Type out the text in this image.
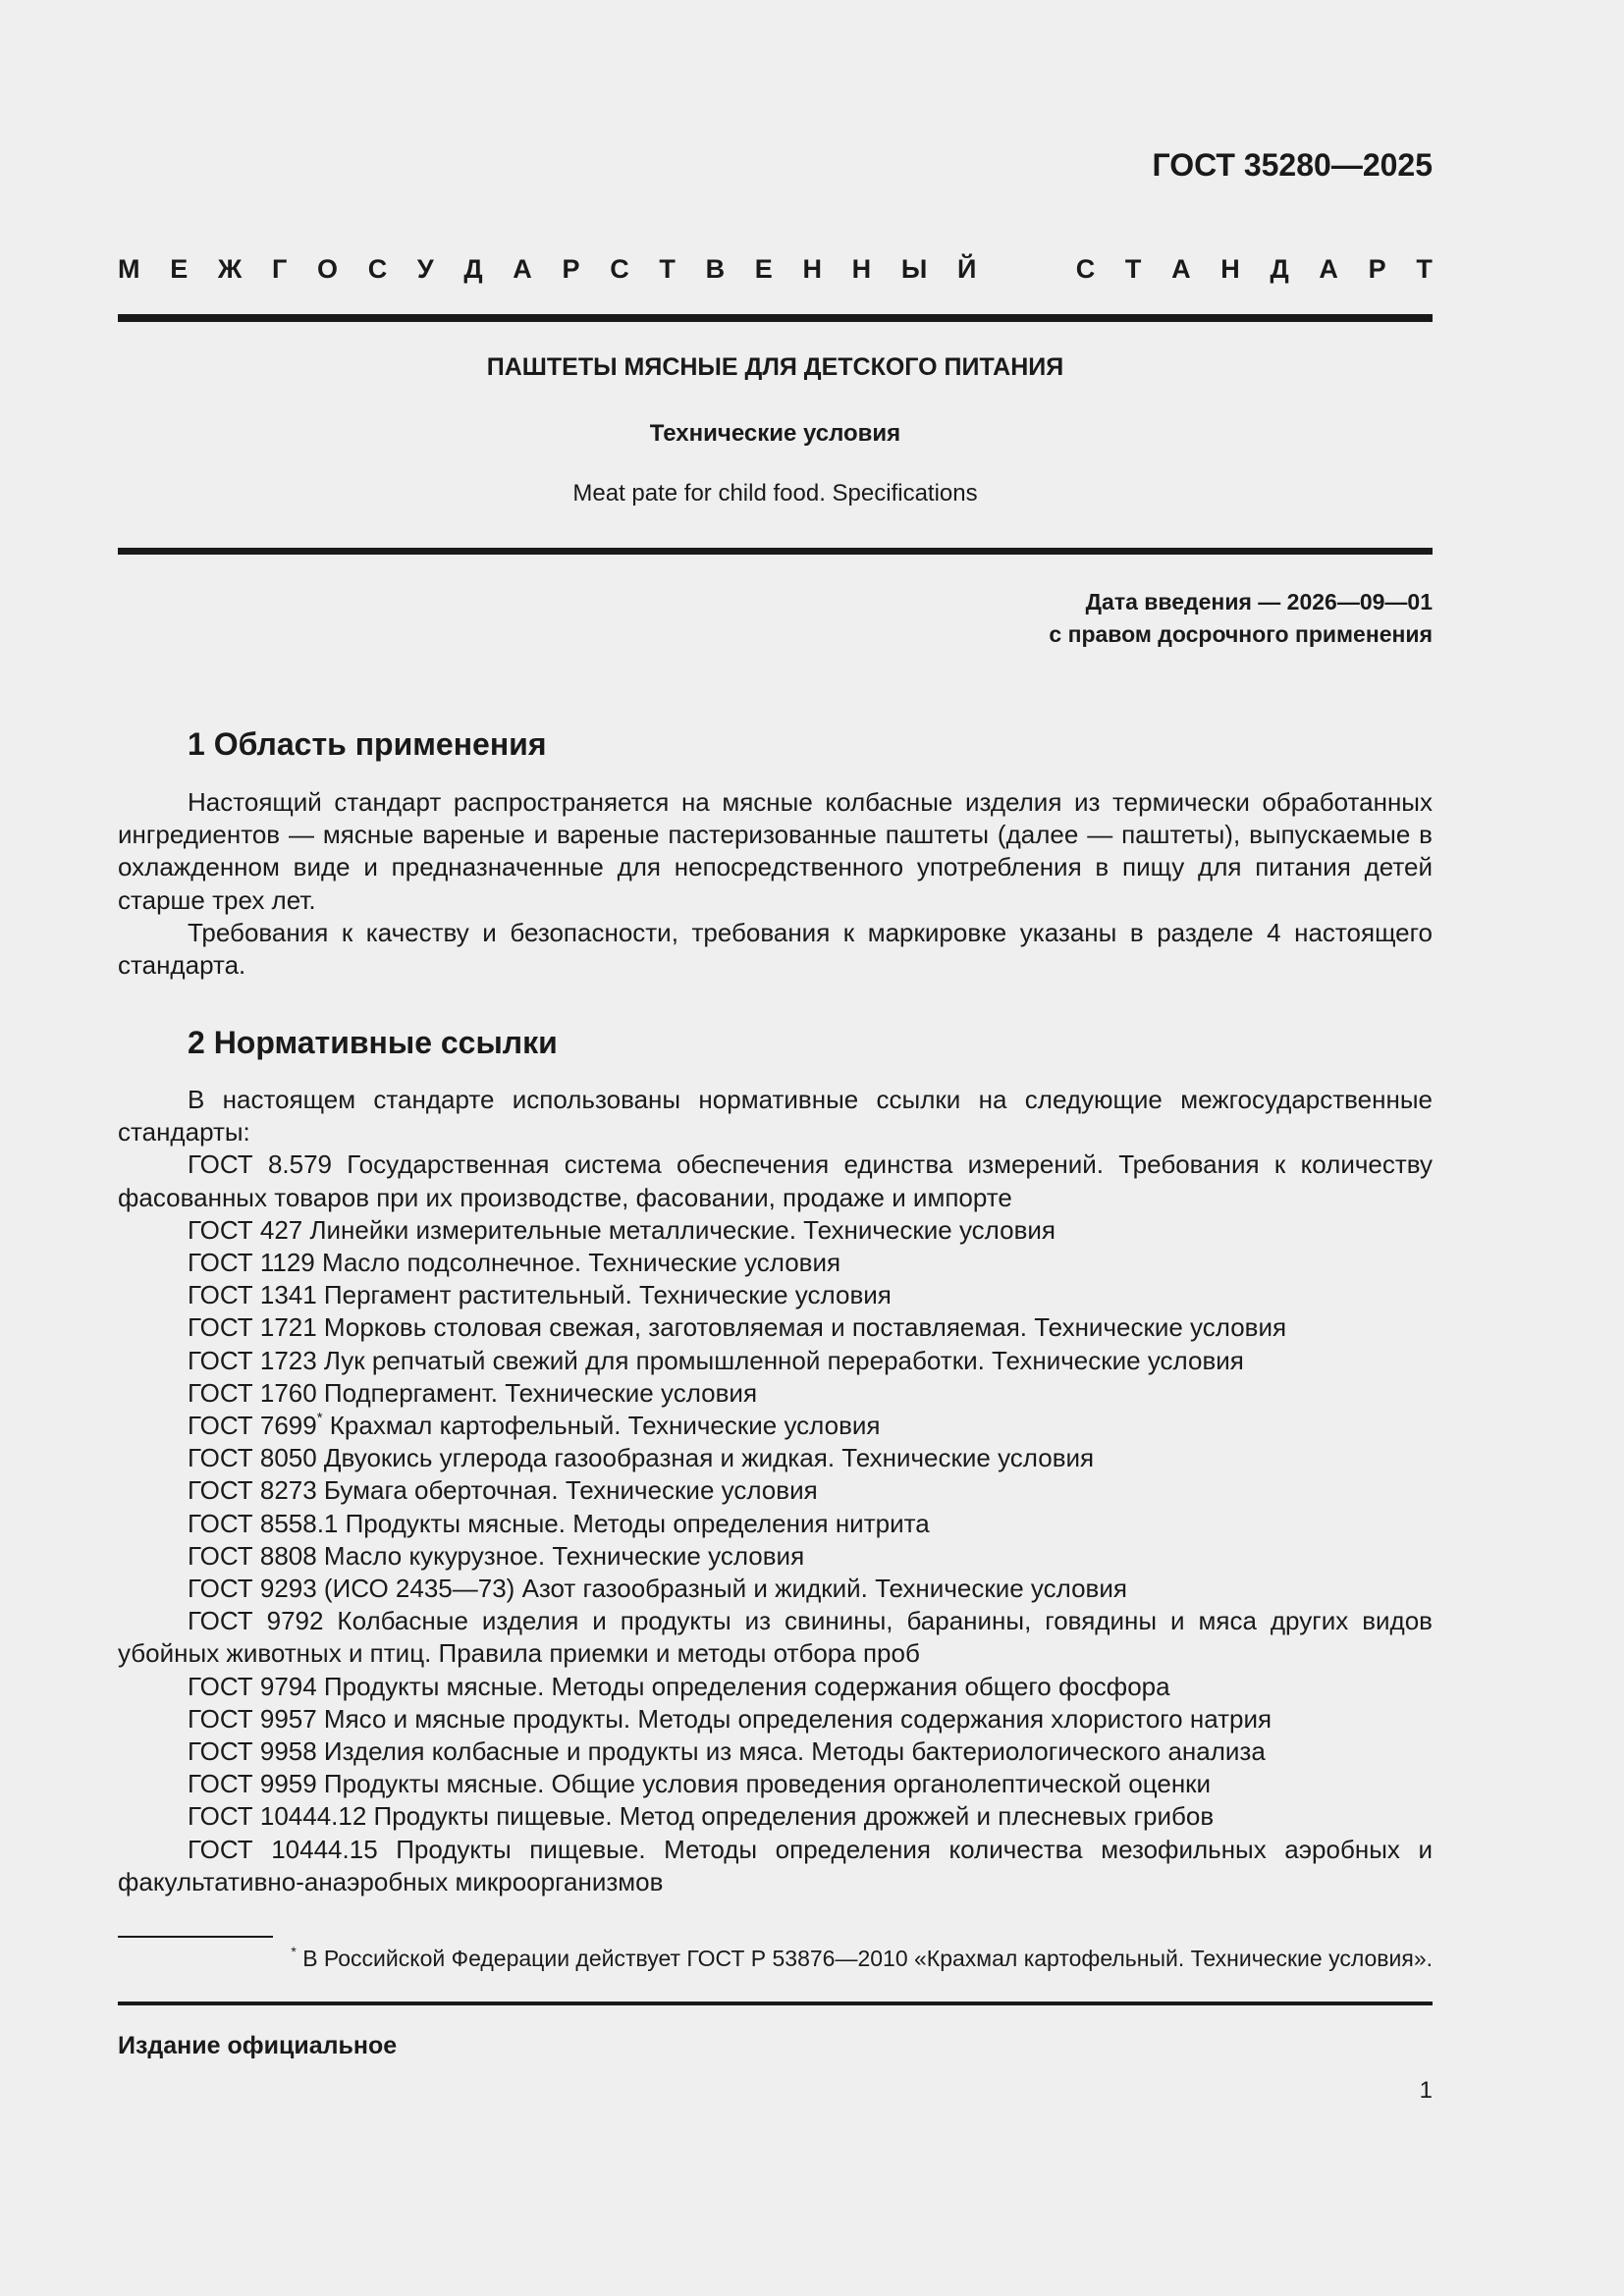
ГОСТ 35280—2025
М Е Ж Г О С У Д А Р С Т В Е Н Н Ы Й	С Т А Н Д А Р Т
ПАШТЕТЫ МЯСНЫЕ ДЛЯ ДЕТСКОГО ПИТАНИЯ
Технические условия
Meat pate for child food. Specifications
Дата введения — 2026—09—01
с правом досрочного применения
1 Область применения

Настоящий стандарт распространяется на мясные колбасные изделия из термически обработанных ингредиентов — мясные вареные и вареные пастеризованные паштеты (далее — паштеты), выпускаемые в охлажденном виде и предназначенные для непосредственного употребления в пищу для питания детей старше трех лет.

Требования к качеству и безопасности, требования к маркировке указаны в разделе 4 настоящего стандарта.

2 Нормативные ссылки

В настоящем стандарте использованы нормативные ссылки на следующие межгосударственные стандарты:

ГОСТ 8.579 Государственная система обеспечения единства измерений. Требования к количеству фасованных товаров при их производстве, фасовании, продаже и импорте
ГОСТ 427 Линейки измерительные металлические. Технические условия
ГОСТ 1129 Масло подсолнечное. Технические условия
ГОСТ 1341 Пергамент растительный. Технические условия
ГОСТ 1721 Морковь столовая свежая, заготовляемая и поставляемая. Технические условия
ГОСТ 1723 Лук репчатый свежий для промышленной переработки. Технические условия
ГОСТ 1760 Подпергамент. Технические условия
ГОСТ 7699* Крахмал картофельный. Технические условия
ГОСТ 8050 Двуокись углерода газообразная и жидкая. Технические условия
ГОСТ 8273 Бумага оберточная. Технические условия
ГОСТ 8558.1 Продукты мясные. Методы определения нитрита
ГОСТ 8808 Масло кукурузное. Технические условия
ГОСТ 9293 (ИСО 2435—73) Азот газообразный и жидкий. Технические условия
ГОСТ 9792 Колбасные изделия и продукты из свинины, баранины, говядины и мяса других видов убойных животных и птиц. Правила приемки и методы отбора проб
ГОСТ 9794 Продукты мясные. Методы определения содержания общего фосфора
ГОСТ 9957 Мясо и мясные продукты. Методы определения содержания хлористого натрия
ГОСТ 9958 Изделия колбасные и продукты из мяса. Методы бактериологического анализа
ГОСТ 9959 Продукты мясные. Общие условия проведения органолептической оценки
ГОСТ 10444.12 Продукты пищевые. Метод определения дрожжей и плесневых грибов
ГОСТ 10444.15 Продукты пищевые. Методы определения количества мезофильных аэробных и факультативно-анаэробных микроорганизмов
* В Российской Федерации действует ГОСТ Р 53876—2010 «Крахмал картофельный. Технические условия».
Издание официальное
1
